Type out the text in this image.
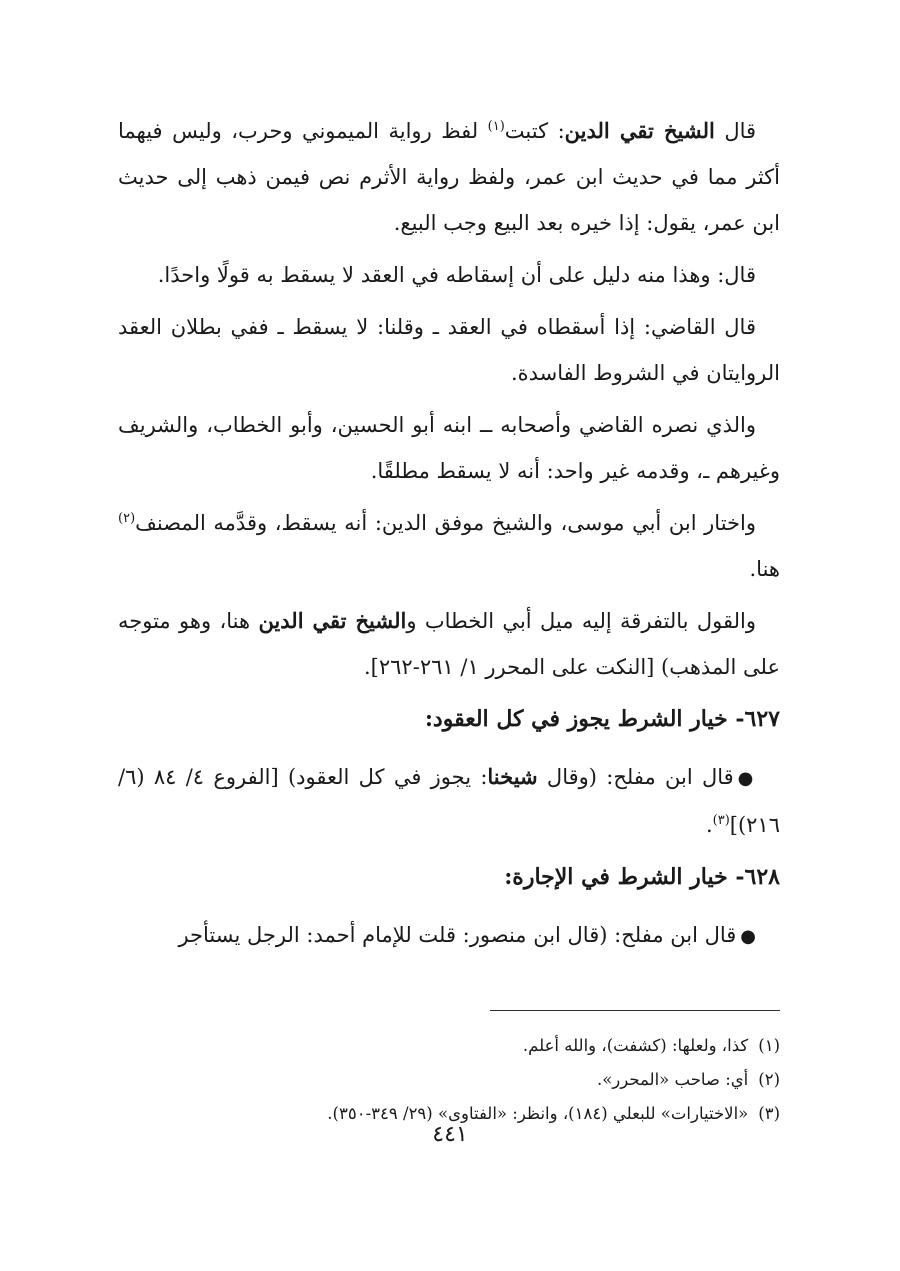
قال الشيخ تقي الدين: كتبت$^{(١)}$ لفظ رواية الميموني وحرب، وليس فيهما أكثر مما في حديث ابن عمر، ولفظ رواية الأثرم نص فيمن ذهب إلى حديث ابن عمر، يقول: إذا خيره بعد البيع وجب البيع.

قال: وهذا منه دليل على أن إسقاطه في العقد لا يسقط به قولًا واحدًا.

قال القاضي: إذا أسقطاه في العقد ـ وقلنا: لا يسقط ـ ففي بطلان العقد الروايتان في الشروط الفاسدة.

والذي نصره القاضي وأصحابه ــ ابنه أبو الحسين، وأبو الخطاب، والشريف وغيرهم ـ، وقدمه غير واحد: أنه لا يسقط مطلقًا.

واختار ابن أبي موسى، والشيخ موفق الدين: أنه يسقط، وقدَّمه المصنف$^{(٢)}$ هنا.

والقول بالتفرقة إليه ميل أبي الخطاب والشيخ تقي الدين هنا، وهو متوجه على المذهب) [النكت على المحرر ١/ ٢٦١-٢٦٢].

٦٢٧- خيار الشرط يجوز في كل العقود:

●قال ابن مفلح: (وقال شيخنا: يجوز في كل العقود) [الفروع ٤/ ٨٤ (٦/ ٢١٦)]$^{(٣)}$.

٦٢٨- خيار الشرط في الإجارة:

●قال ابن مفلح: (قال ابن منصور: قلت للإمام أحمد: الرجل يستأجر

(١)كذا، ولعلها: (كشفت)، والله أعلم.

(٢)أي: صاحب «المحرر».

(٣)«الاختيارات» للبعلي (١٨٤)، وانظر: «الفتاوى» (٢٩/ ٣٤٩-٣٥٠).

٤٤١
